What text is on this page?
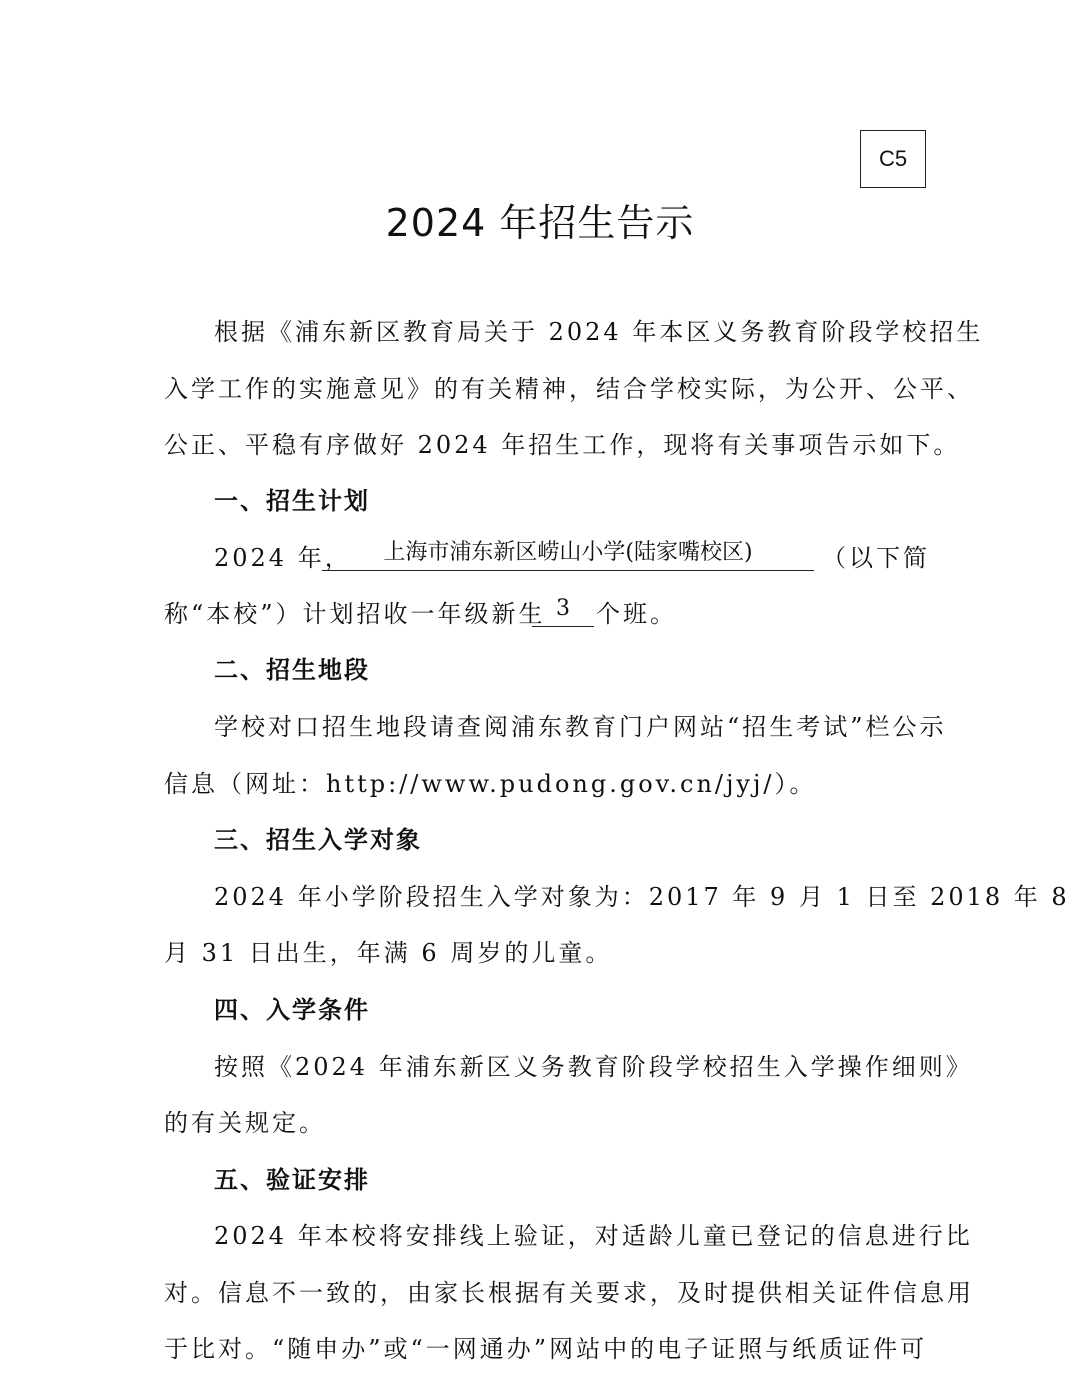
C5
2024 年招生告示
根据《浦东新区教育局关于 2024 年本区义务教育阶段学校招生
入学工作的实施意见》的有关精神，结合学校实际，为公开、公平、
公正、平稳有序做好 2024 年招生工作，现将有关事项告示如下。
一、招生计划
2024 年，	上海市浦东新区崂山小学(陆家嘴校区)	（以下简
称“本校”）计划招收一年级新生 3	个班。
二、招生地段
学校对口招生地段请查阅浦东教育门户网站“招生考试”栏公示
信息（网址：http://www.pudong.gov.cn/jyj/）。
三、招生入学对象
2024 年小学阶段招生入学对象为：2017 年 9 月 1 日至 2018 年 8
月 31 日出生，年满 6 周岁的儿童。
四、入学条件
按照《2024 年浦东新区义务教育阶段学校招生入学操作细则》
的有关规定。
五、验证安排
2024 年本校将安排线上验证，对适龄儿童已登记的信息进行比
对。信息不一致的，由家长根据有关要求，及时提供相关证件信息用
于比对。“随申办”或“一网通办”网站中的电子证照与纸质证件可
